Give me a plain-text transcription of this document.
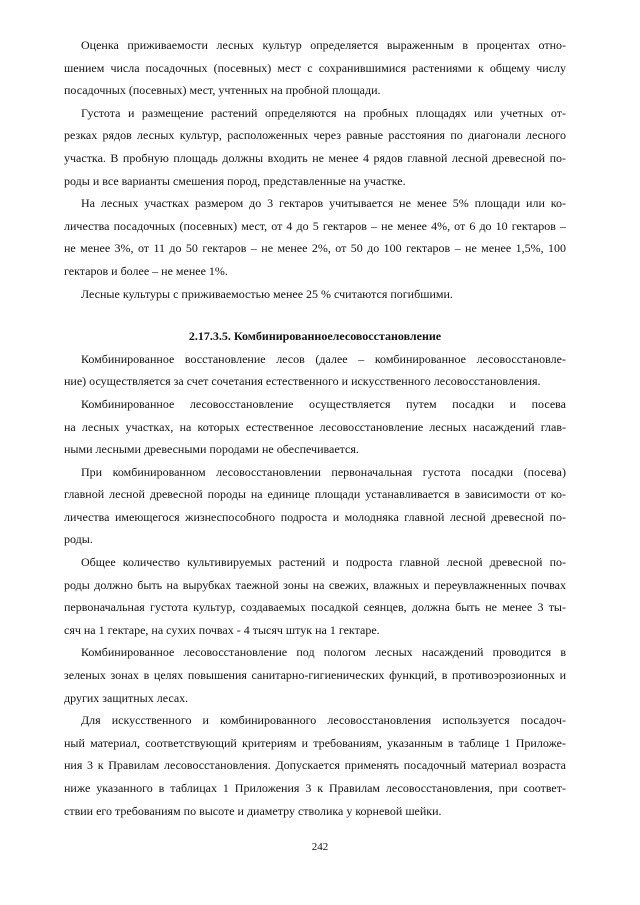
Оценка приживаемости лесных культур определяется выраженным в процентах отно-
шением числа посадочных (посевных) мест с сохранившимися растениями к общему числу
посадочных (посевных) мест, учтенных на пробной площади.
Густота и размещение растений определяются на пробных площадях или учетных от-
резках рядов лесных культур, расположенных через равные расстояния по диагонали лесного
участка. В пробную площадь должны входить не менее 4 рядов главной лесной древесной по-
роды и все варианты смешения пород, представленные на участке.
На лесных участках размером до 3 гектаров учитывается не менее 5% площади или ко-
личества посадочных (посевных) мест, от 4 до 5 гектаров – не менее 4%, от 6 до 10 гектаров –
не менее 3%, от 11 до 50 гектаров – не менее 2%, от 50 до 100 гектаров – не менее 1,5%, 100
гектаров и более – не менее 1%.
Лесные культуры с приживаемостью менее 25 % считаются погибшими.
2.17.3.5. Комбинированноелесовосстановление
Комбинированное восстановление лесов (далее – комбинированное лесовосстановле-
ние) осуществляется за счет сочетания естественного и искусственного лесовосстановления.
Комбинированное лесовосстановление осуществляется путем посадки и посева
на лесных участках, на которых естественное лесовосстановление лесных насаждений глав-
ными лесными древесными породами не обеспечивается.
При комбинированном лесовосстановлении первоначальная густота посадки (посева)
главной лесной древесной породы на единице площади устанавливается в зависимости от ко-
личества имеющегося жизнеспособного подроста и молодняка главной лесной древесной по-
роды.
Общее количество культивируемых растений и подроста главной лесной древесной по-
роды должно быть на вырубках таежной зоны на свежих, влажных и переувлажненных почвах
первоначальная густота культур, создаваемых посадкой сеянцев, должна быть не менее 3 ты-
сяч на 1 гектаре, на сухих почвах - 4 тысяч штук на 1 гектаре.
Комбинированное лесовосстановление под пологом лесных насаждений проводится в
зеленых зонах в целях повышения санитарно-гигиенических функций, в противоэрозионных и
других защитных лесах.
Для искусственного и комбинированного лесовосстановления используется посадоч-
ный материал, соответствующий критериям и требованиям, указанным в таблице 1 Приложе-
ния 3 к Правилам лесовосстановления. Допускается применять посадочный материал возраста
ниже указанного в таблицах 1 Приложения 3 к Правилам лесовосстановления, при соответ-
ствии его требованиям по высоте и диаметру стволика у корневой шейки.
242
